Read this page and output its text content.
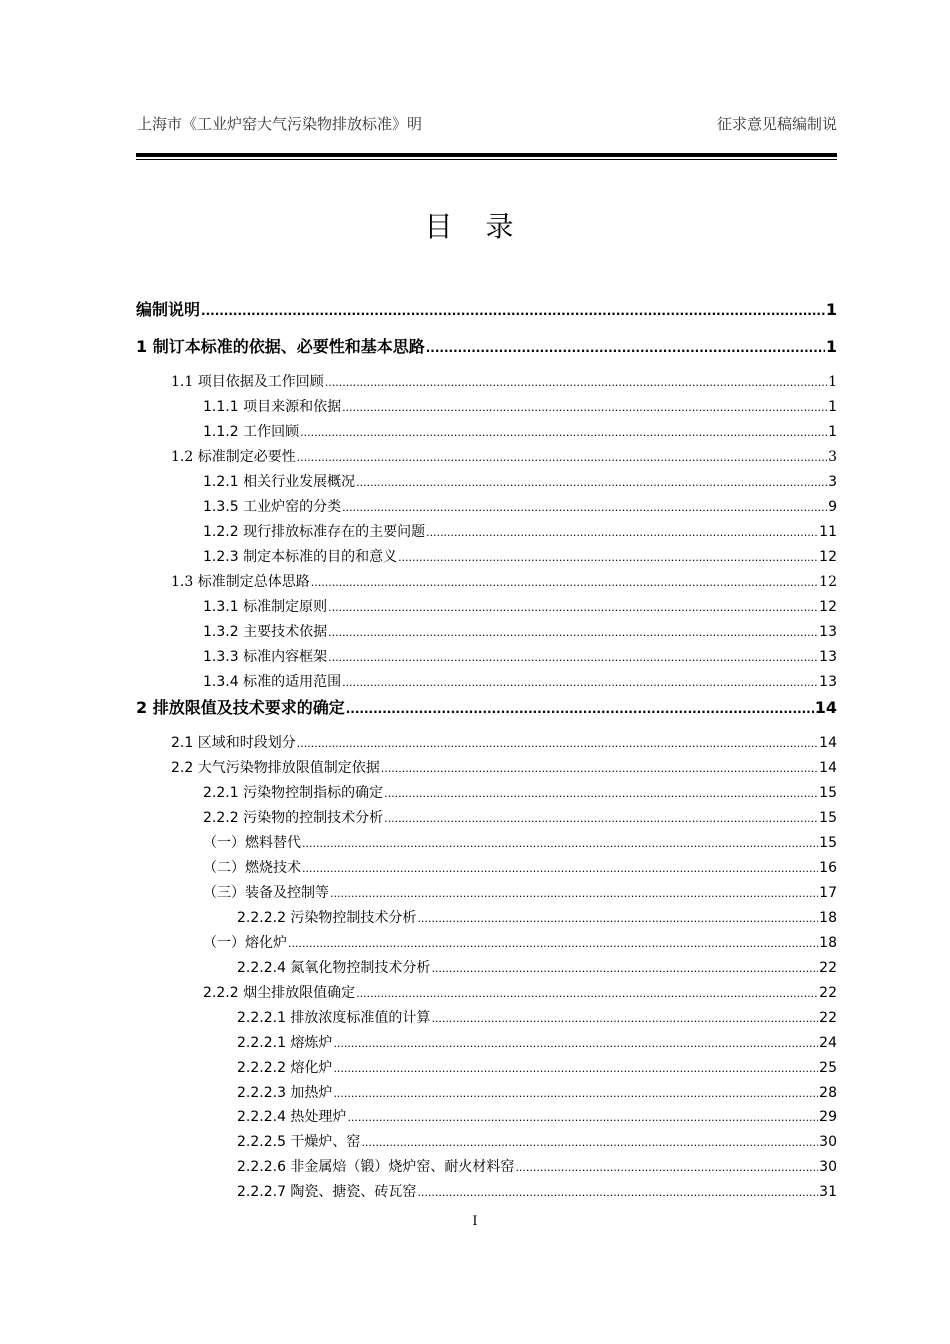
上海市《工业炉窑大气污染物排放标准》明	征求意见稿编制说
目 录
编制说明 .....	1
1 制订本标准的依据、必要性和基本思路 .....	1
1.1 项目依据及工作回顾 .....	1
1.1.1 项目来源和依据 .....	1
1.1.2 工作回顾 .....	1
1.2 标准制定必要性 .....	3
1.2.1 相关行业发展概况 .....	3
1.3.5 工业炉窑的分类 .....	9
1.2.2 现行排放标准存在的主要问题 .....	11
1.2.3 制定本标准的目的和意义 .....	12
1.3 标准制定总体思路 .....	12
1.3.1 标准制定原则 .....	12
1.3.2 主要技术依据 .....	13
1.3.3 标准内容框架 .....	13
1.3.4 标准的适用范围 .....	13
2 排放限值及技术要求的确定 .....	14
2.1 区域和时段划分 .....	14
2.2 大气污染物排放限值制定依据 .....	14
2.2.1 污染物控制指标的确定 .....	15
2.2.2 污染物的控制技术分析 .....	15
（一）燃料替代 .....	15
（二）燃烧技术 .....	16
（三）装备及控制等 .....	17
2.2.2.2 污染物控制技术分析 .....	18
（一）熔化炉 .....	18
2.2.2.4 氮氧化物控制技术分析 .....	22
2.2.2 烟尘排放限值确定 .....	22
2.2.2.1 排放浓度标准值的计算 .....	22
2.2.2.1 熔炼炉 .....	24
2.2.2.2 熔化炉 .....	25
2.2.2.3 加热炉 .....	28
2.2.2.4 热处理炉 .....	29
2.2.2.5 干燥炉、窑 .....	30
2.2.2.6 非金属焙（锻）烧炉窑、耐火材料窑 .....	30
2.2.2.7 陶瓷、搪瓷、砖瓦窑 .....	31
I
